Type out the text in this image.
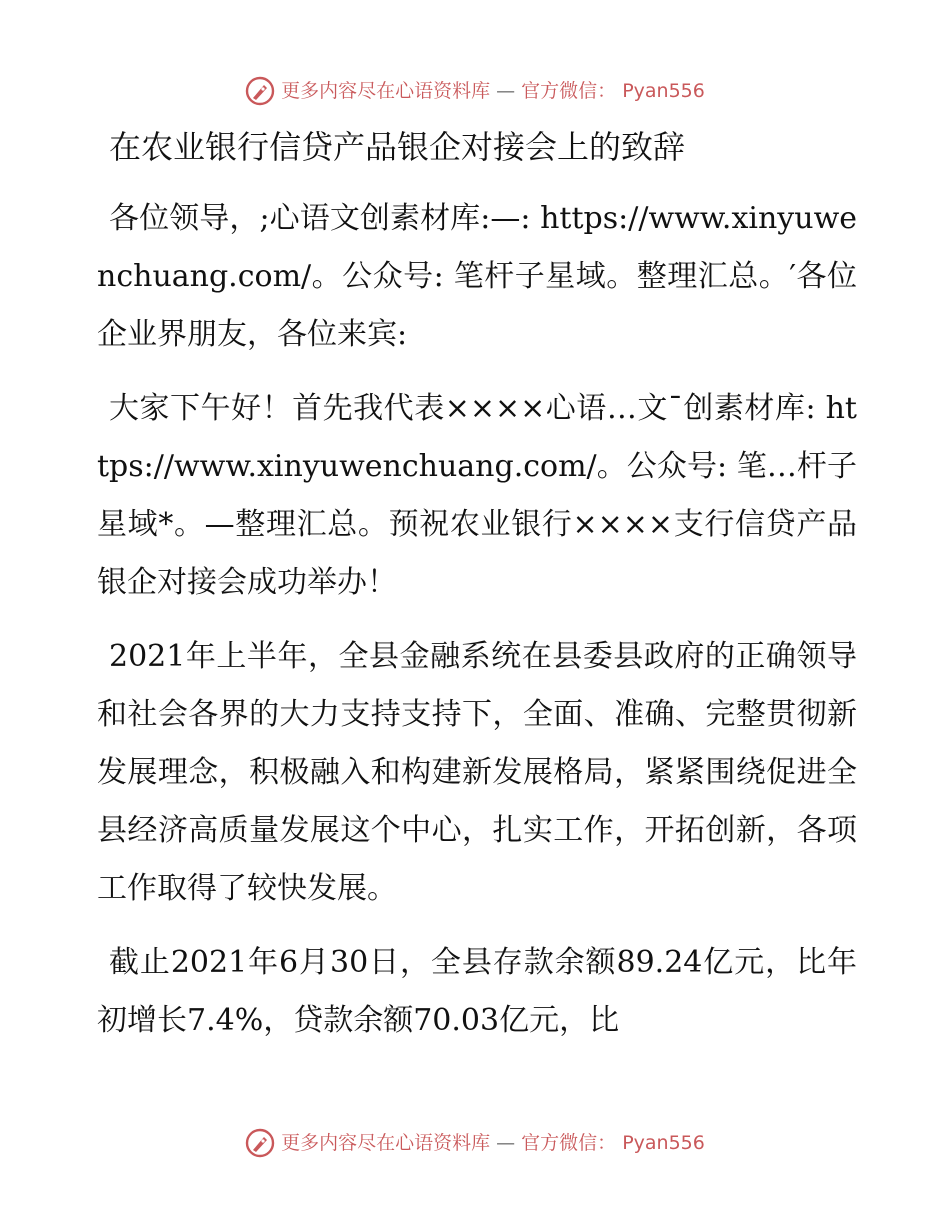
更多内容尽在心语资料库 — 官方微信： Pyan556
在农业银行信贷产品银企对接会上的致辞

各位领导，;心语文创素材库:—: https://www.xinyuwenchuang.com/。公众号: 笔杆子星域。整理汇总。′各位企业界朋友，各位来宾:

大家下午好！首先我代表××××心语…文¯创素材库: https://www.xinyuwenchuang.com/。公众号: 笔…杆子星域*。—整理汇总。预祝农业银行××××支行信贷产品银企对接会成功举办！

2021年上半年，全县金融系统在县委县政府的正确领导和社会各界的大力支持支持下，全面、准确、完整贯彻新发展理念，积极融入和构建新发展格局，紧紧围绕促进全县经济高质量发展这个中心，扎实工作，开拓创新，各项工作取得了较快发展。

截止2021年6月30日，全县存款余额89.24亿元，比年初增长7.4%，贷款余额70.03亿元，比

更多内容尽在心语资料库 — 官方微信： Pyan556
